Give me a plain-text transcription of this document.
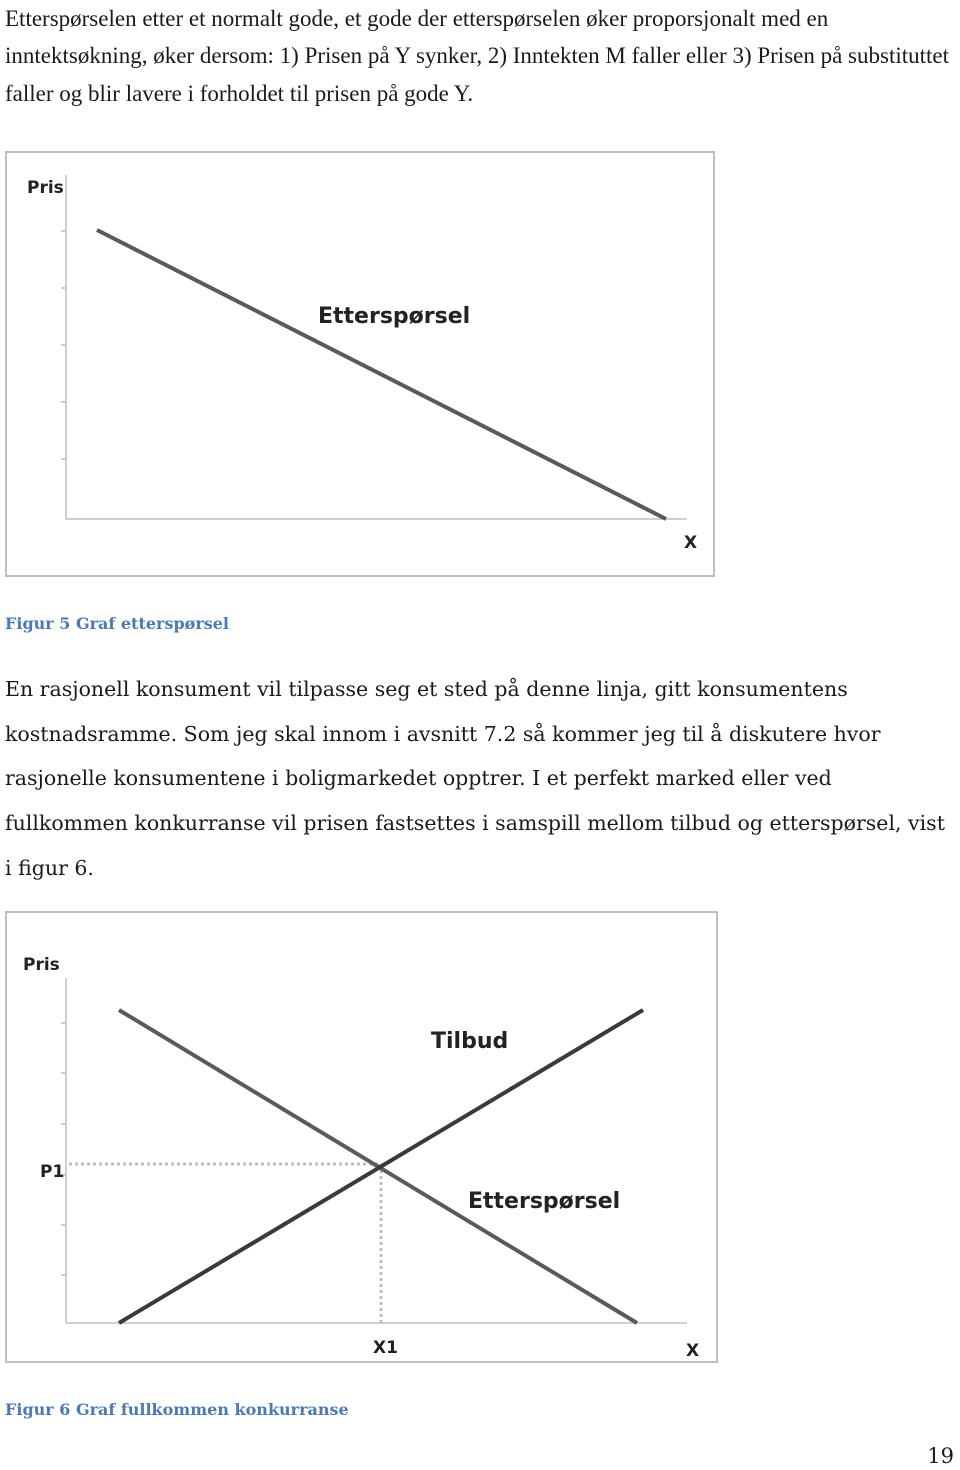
Etterspørselen etter et normalt gode, et gode der etterspørselen øker proporsjonalt med en inntektsøkning, øker dersom: 1) Prisen på Y synker, 2) Inntekten M faller eller 3) Prisen på substituttet faller og blir lavere i forholdet til prisen på gode Y.

Pris
Etterspørsel
X

Figur 5 Graf etterspørsel

En rasjonell konsument vil tilpasse seg et sted på denne linja, gitt konsumentens kostnadsramme. Som jeg skal innom i avsnitt 7.2 så kommer jeg til å diskutere hvor rasjonelle konsumentene i boligmarkedet opptrer. I et perfekt marked eller ved fullkommen konkurranse vil prisen fastsettes i samspill mellom tilbud og etterspørsel, vist i figur 6.

Pris
Tilbud
Etterspørsel
P1
X1	X

Figur 6 Graf fullkommen konkurranse

19
